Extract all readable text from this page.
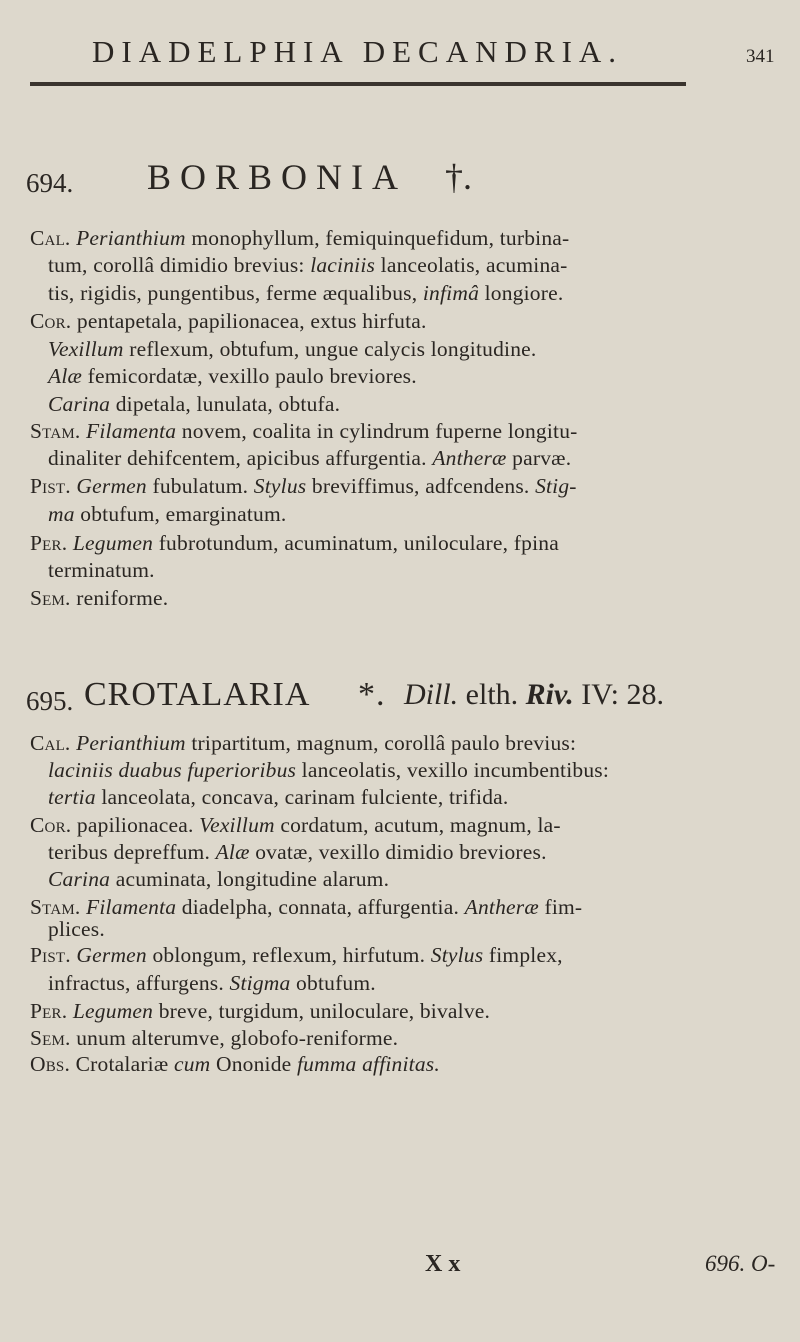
DIADELPHIA DECANDRIA.	341
694. BORBONIA †.
Cal. Perianthium monophyllum, femiquinquefidum, turbina-
tum, corollâ dimidio brevius: laciniis lanceolatis, acumina-
tis, rigidis, pungentibus, ferme æqualibus, infimâ longiore.
Cor. pentapetala, papilionacea, extus hirfuta.
Vexillum reflexum, obtufum, ungue calycis longitudine.
Alæ femicordatæ, vexillo paulo breviores.
Carina dipetala, lunulata, obtufa.
Stam. Filamenta novem, coalita in cylindrum fuperne longitu-
dinaliter dehifcentem, apicibus affurgentia. Antheræ parvæ.
Pist. Germen fubulatum. Stylus breviffimus, adfcendens. Stig-
ma obtufum, emarginatum.
Per. Legumen fubrotundum, acuminatum, uniloculare, fpina
terminatum.
Sem. reniforme.
695. CROTALARIA *. Dill. elth. Riv. IV: 28.
Cal. Perianthium tripartitum, magnum, corollâ paulo brevius:
laciniis duabus fuperioribus lanceolatis, vexillo incumbentibus:
tertia lanceolata, concava, carinam fulciente, trifida.
Cor. papilionacea. Vexillum cordatum, acutum, magnum, la-
teribus depreffum. Alæ ovatæ, vexillo dimidio breviores.
Carina acuminata, longitudine alarum.
Stam. Filamenta diadelpha, connata, affurgentia. Antheræ fim-
plices.
Pist. Germen oblongum, reflexum, hirfutum. Stylus fimplex,
infractus, affurgens. Stigma obtufum.
Per. Legumen breve, turgidum, uniloculare, bivalve.
Sem. unum alterumve, globofo-reniforme.
Obs. Crotalariæ cum Ononide fumma affinitas.
X x	696. O-
